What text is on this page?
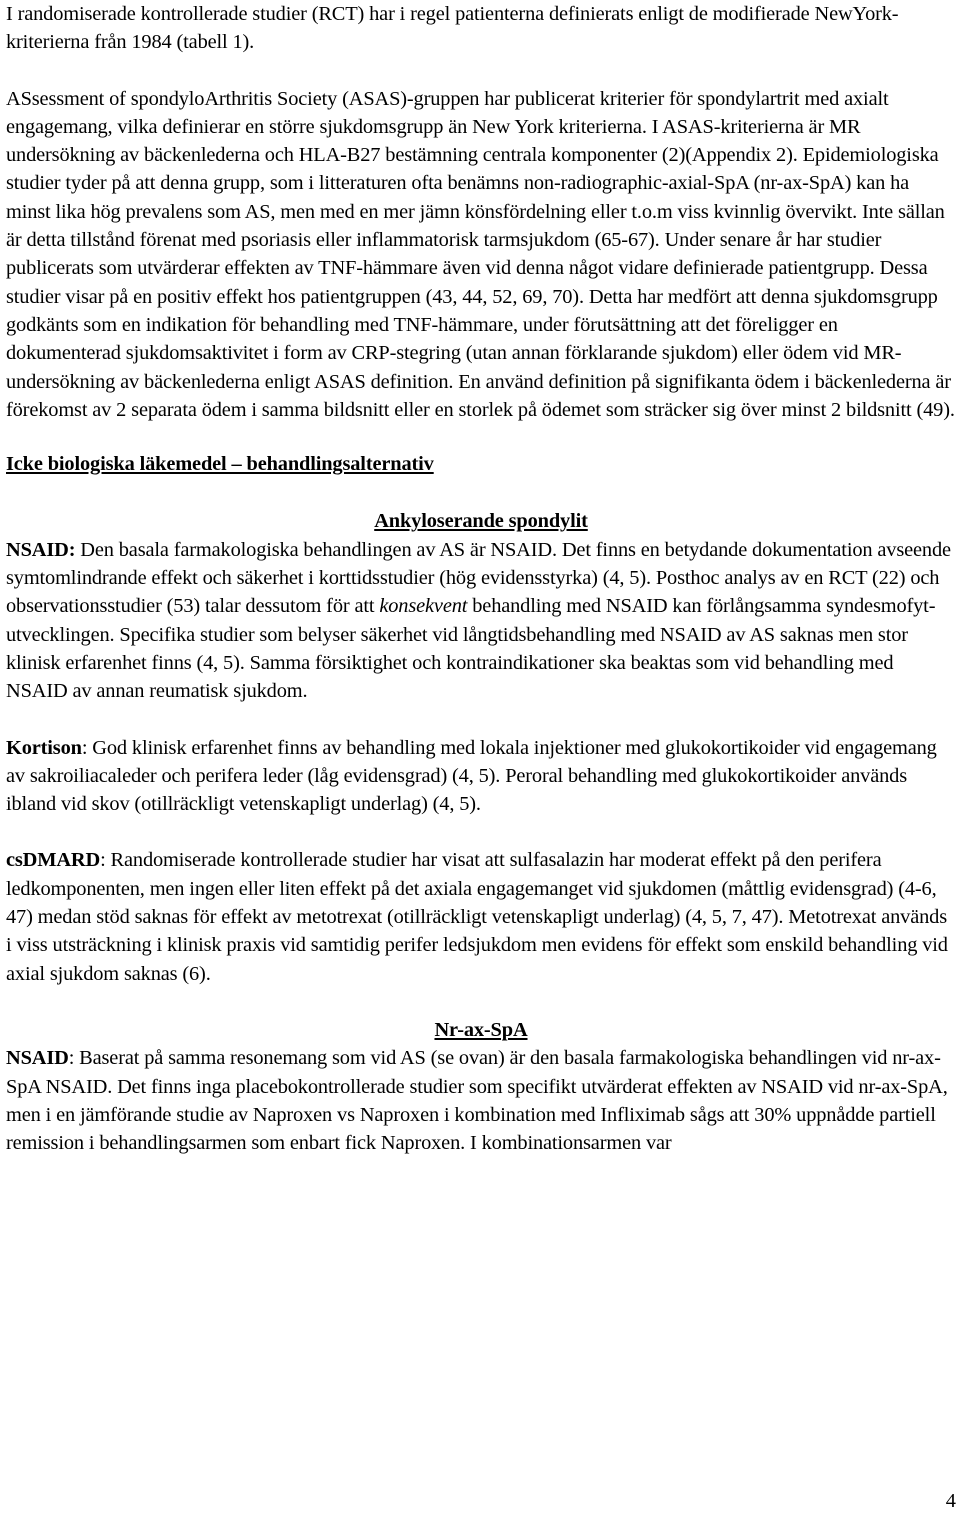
I randomiserade kontrollerade studier (RCT) har i regel patienterna definierats enligt de modifierade NewYork-kriterierna från 1984 (tabell 1).

ASsessment of spondyloArthritis Society (ASAS)-gruppen har publicerat kriterier för spondylartrit med axialt engagemang, vilka definierar en större sjukdomsgrupp än New York kriterierna. I ASAS-kriterierna är MR undersökning av bäckenlederna och HLA-B27 bestämning centrala komponenter (2)(Appendix 2). Epidemiologiska studier tyder på att denna grupp, som i litteraturen ofta benämns non-radiographic-axial-SpA (nr-ax-SpA) kan ha minst lika hög prevalens som AS, men med en mer jämn könsfördelning eller t.o.m viss kvinnlig övervikt. Inte sällan är detta tillstånd förenat med psoriasis eller inflammatorisk tarmsjukdom (65-67). Under senare år har studier publicerats som utvärderar effekten av TNF-hämmare även vid denna något vidare definierade patientgrupp. Dessa studier visar på en positiv effekt hos patientgruppen (43, 44, 52, 69, 70). Detta har medfört att denna sjukdomsgrupp godkänts som en indikation för behandling med TNF-hämmare, under förutsättning att det föreligger en dokumenterad sjukdomsaktivitet i form av CRP-stegring (utan annan förklarande sjukdom) eller ödem vid MR-undersökning av bäckenlederna enligt ASAS definition. En använd definition på signifikanta ödem i bäckenlederna är förekomst av 2 separata ödem i samma bildsnitt eller en storlek på ödemet som sträcker sig över minst 2 bildsnitt (49).

Icke biologiska läkemedel – behandlingsalternativ

Ankyloserande spondylit

NSAID: Den basala farmakologiska behandlingen av AS är NSAID. Det finns en betydande dokumentation avseende symtomlindrande effekt och säkerhet i korttidsstudier (hög evidensstyrka) (4, 5). Posthoc analys av en RCT (22) och observationsstudier (53) talar dessutom för att konsekvent behandling med NSAID kan förlångsamma syndesmofyt-utvecklingen. Specifika studier som belyser säkerhet vid långtidsbehandling med NSAID av AS saknas men stor klinisk erfarenhet finns (4, 5). Samma försiktighet och kontraindikationer ska beaktas som vid behandling med NSAID av annan reumatisk sjukdom.

Kortison: God klinisk erfarenhet finns av behandling med lokala injektioner med glukokortikoider vid engagemang av sakroiliacaleder och perifera leder (låg evidensgrad) (4, 5). Peroral behandling med glukokortikoider används ibland vid skov (otillräckligt vetenskapligt underlag) (4, 5).

csDMARD: Randomiserade kontrollerade studier har visat att sulfasalazin har moderat effekt på den perifera ledkomponenten, men ingen eller liten effekt på det axiala engagemanget vid sjukdomen (måttlig evidensgrad) (4-6, 47) medan stöd saknas för effekt av metotrexat (otillräckligt vetenskapligt underlag) (4, 5, 7, 47). Metotrexat används i viss utsträckning i klinisk praxis vid samtidig perifer ledsjukdom men evidens för effekt som enskild behandling vid axial sjukdom saknas (6).

Nr-ax-SpA

NSAID: Baserat på samma resonemang som vid AS (se ovan) är den basala farmakologiska behandlingen vid nr-ax-SpA NSAID. Det finns inga placebokontrollerade studier som specifikt utvärderat effekten av NSAID vid nr-ax-SpA, men i en jämförande studie av Naproxen vs Naproxen i kombination med Infliximab sågs att 30% uppnådde partiell remission i behandlingsarmen som enbart fick Naproxen. I kombinationsarmen var

4
